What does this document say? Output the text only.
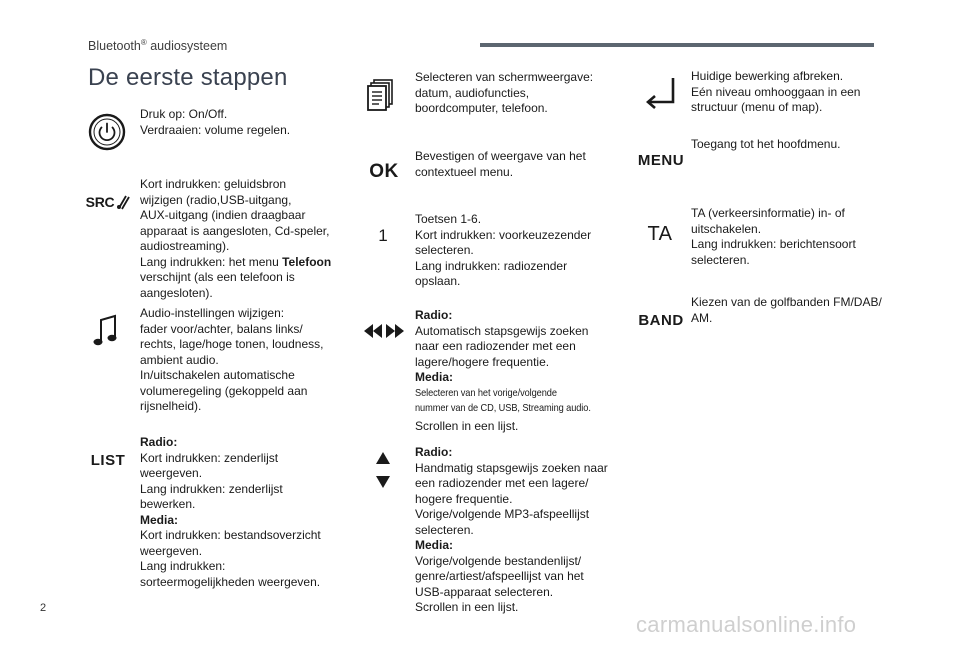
Bluetooth® audiosysteem
De eerste stappen
Druk op: On/Off.
Verdraaien: volume regelen.
SRC
Kort indrukken: geluidsbron
wijzigen (radio,USB-uitgang,
AUX-uitgang (indien draagbaar
apparaat is aangesloten, Cd-speler,
audiostreaming).
Lang indrukken: het menu Telefoon
verschijnt (als een telefoon is
aangesloten).
Audio-instellingen wijzigen:
fader voor/achter, balans links/
rechts, lage/hoge tonen, loudness,
ambient audio.
In/uitschakelen automatische
volumeregeling (gekoppeld aan
rijsnelheid).
LIST
Radio:
Kort indrukken: zenderlijst
weergeven.
Lang indrukken: zenderlijst
bewerken.
Media:
Kort indrukken: bestandsoverzicht
weergeven.
Lang indrukken:
sorteermogelijkheden weergeven.
Selecteren van schermweergave:
datum, audiofuncties,
boordcomputer, telefoon.
OK
Bevestigen of weergave van het
contextueel menu.
1
Toetsen 1-6.
Kort indrukken: voorkeuzezender
selecteren.
Lang indrukken: radiozender
opslaan.
Radio:
Automatisch stapsgewijs zoeken
naar een radiozender met een
lagere/hogere frequentie.
Media:
Selecteren van het vorige/volgende
nummer van de CD, USB, Streaming audio.
Scrollen in een lijst.
Radio:
Handmatig stapsgewijs zoeken naar
een radiozender met een lagere/
hogere frequentie.
Vorige/volgende MP3-afspeellijst
selecteren.
Media:
Vorige/volgende bestandenlijst/
genre/artiest/afspeellijst van het
USB-apparaat selecteren.
Scrollen in een lijst.
Huidige bewerking afbreken.
Eén niveau omhooggaan in een
structuur (menu of map).
MENU
Toegang tot het hoofdmenu.
TA
TA (verkeersinformatie) in- of
uitschakelen.
Lang indrukken: berichtensoort
selecteren.
BAND
Kiezen van de golfbanden FM/DAB/
AM.
2
carmanualsonline.info
